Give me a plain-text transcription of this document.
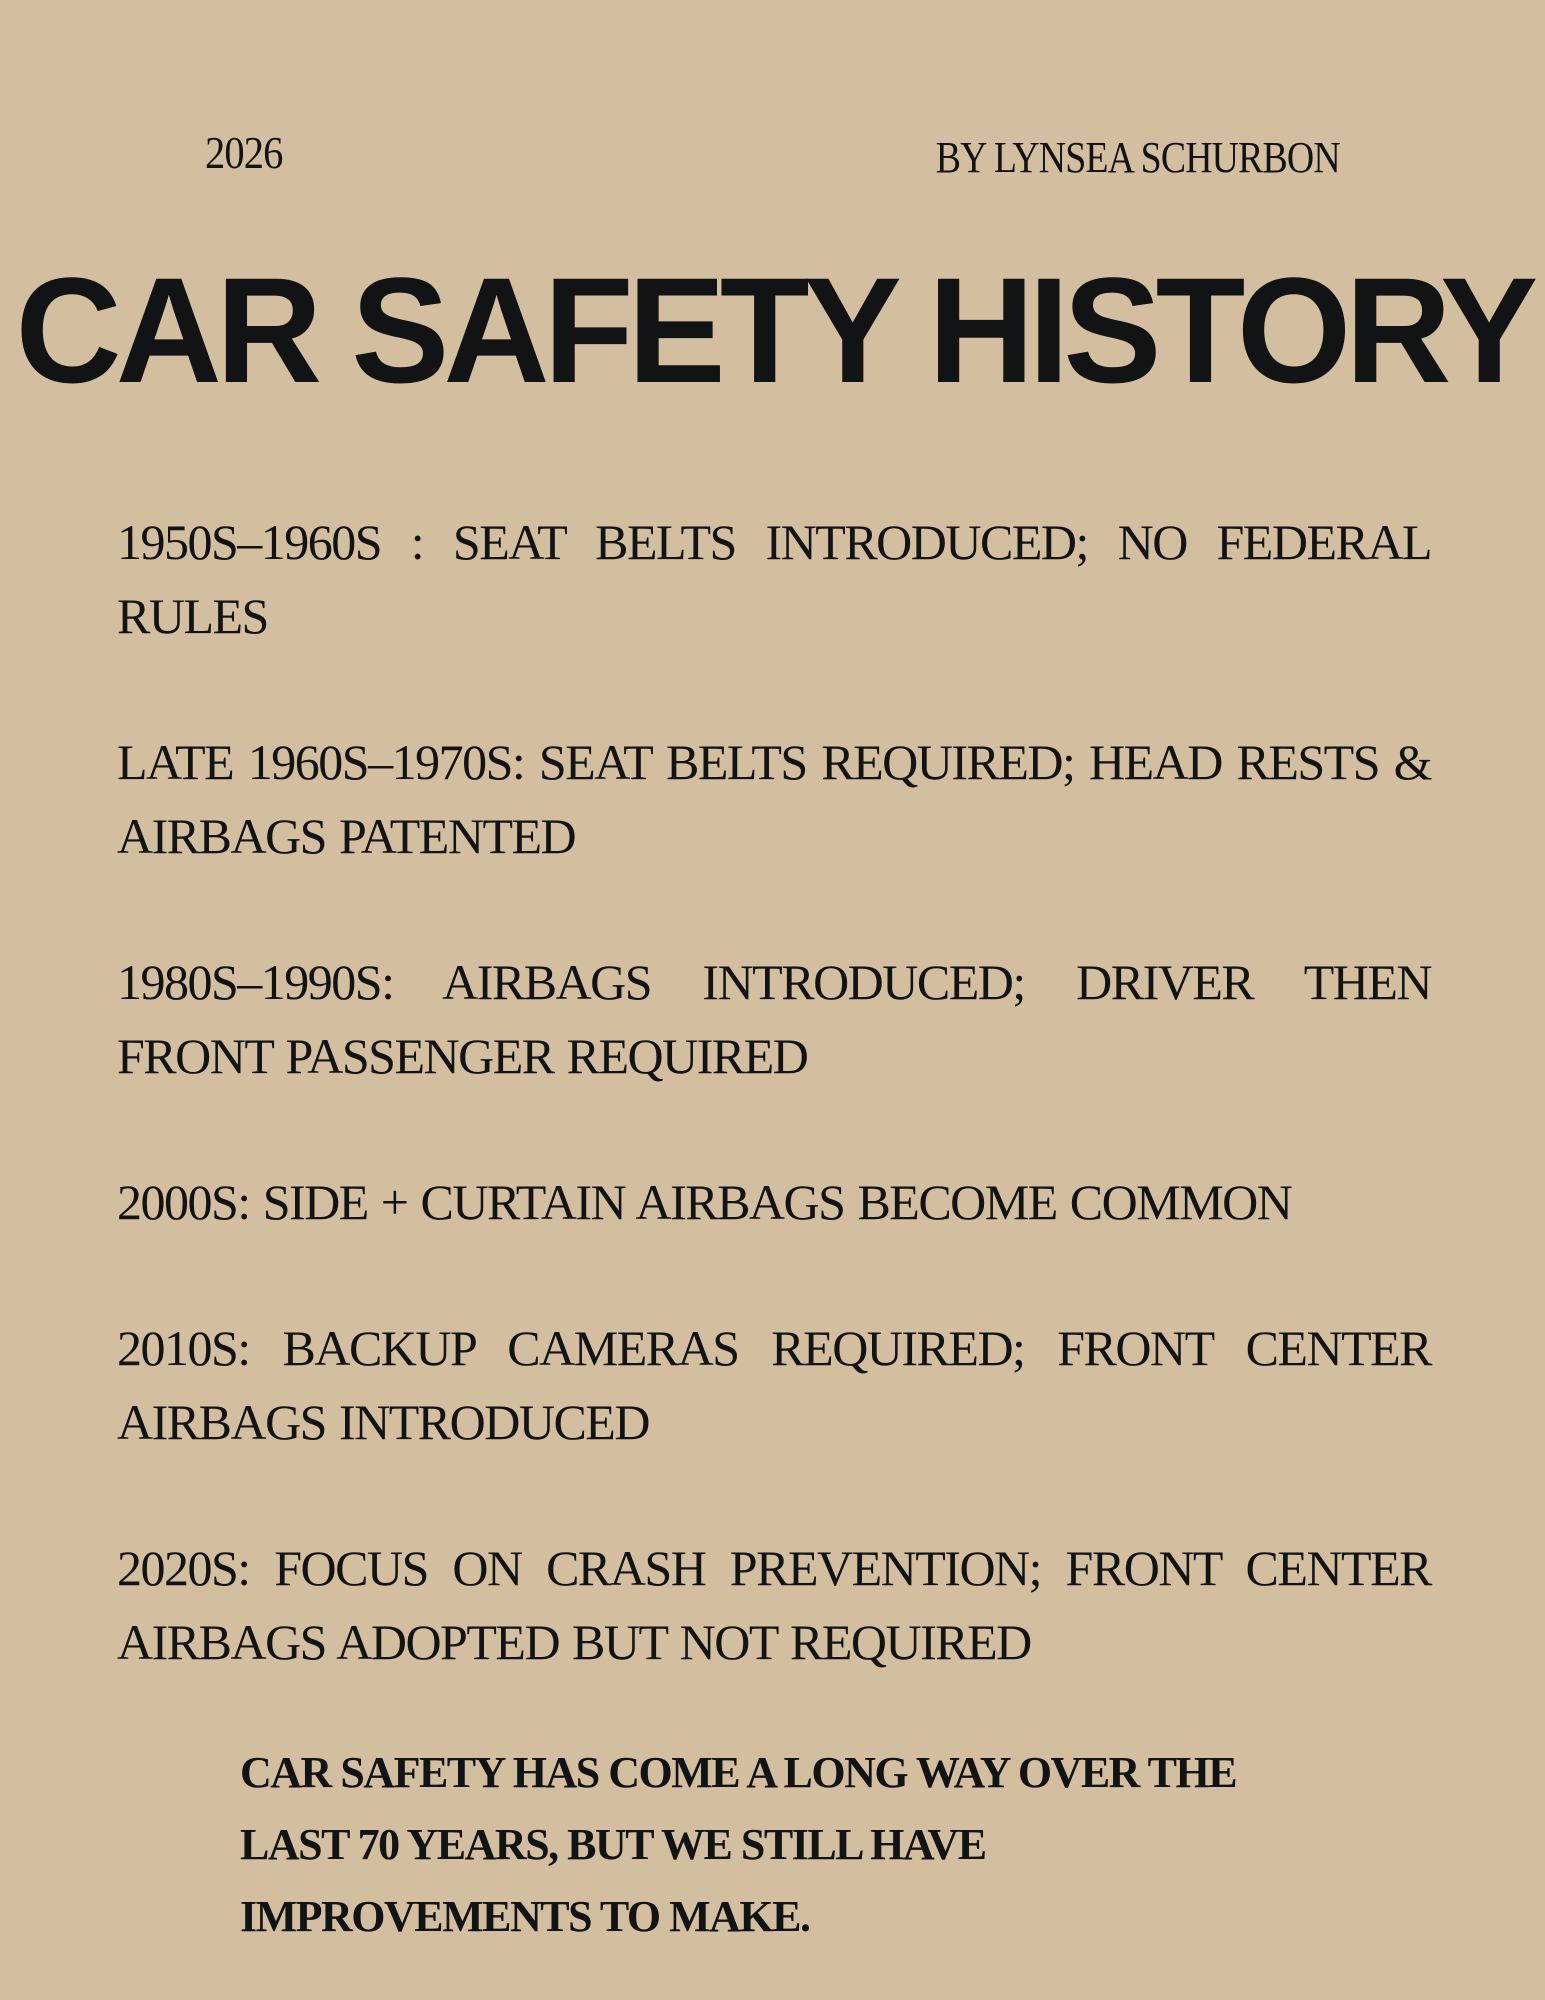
2026	BY LYNSEA SCHURBON
CAR SAFETY HISTORY

1950S–1960S : SEAT BELTS INTRODUCED; NO FEDERAL RULES

LATE 1960S–1970S: SEAT BELTS REQUIRED; HEAD RESTS & AIRBAGS PATENTED

1980S–1990S: AIRBAGS INTRODUCED; DRIVER THEN FRONT PASSENGER REQUIRED

2000S: SIDE + CURTAIN AIRBAGS BECOME COMMON

2010S: BACKUP CAMERAS REQUIRED; FRONT CENTER AIRBAGS INTRODUCED

2020S: FOCUS ON CRASH PREVENTION; FRONT CENTER AIRBAGS ADOPTED BUT NOT REQUIRED

CAR SAFETY HAS COME A LONG WAY OVER THE LAST 70 YEARS, BUT WE STILL HAVE IMPROVEMENTS TO MAKE.
